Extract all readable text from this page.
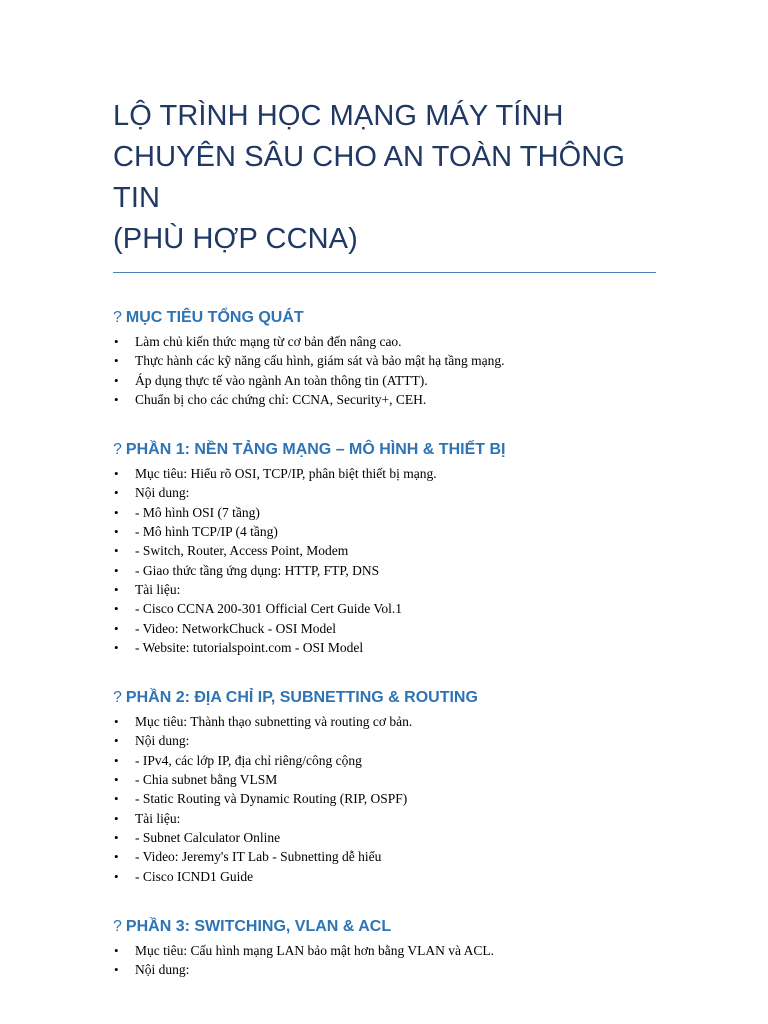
LỘ TRÌNH HỌC MẠNG MÁY TÍNH
CHUYÊN SÂU CHO AN TOÀN THÔNG TIN
(PHÙ HỢP CCNA)
? MỤC TIÊU TỔNG QUÁT
• Làm chủ kiến thức mạng từ cơ bản đến nâng cao.
• Thực hành các kỹ năng cấu hình, giám sát và bảo mật hạ tầng mạng.
• Áp dụng thực tế vào ngành An toàn thông tin (ATTT).
• Chuẩn bị cho các chứng chỉ: CCNA, Security+, CEH.
? PHẦN 1: NỀN TẢNG MẠNG – MÔ HÌNH & THIẾT BỊ
• Mục tiêu: Hiểu rõ OSI, TCP/IP, phân biệt thiết bị mạng.
• Nội dung:
• - Mô hình OSI (7 tầng)
• - Mô hình TCP/IP (4 tầng)
• - Switch, Router, Access Point, Modem
• - Giao thức tầng ứng dụng: HTTP, FTP, DNS
• Tài liệu:
• - Cisco CCNA 200-301 Official Cert Guide Vol.1
• - Video: NetworkChuck - OSI Model
• - Website: tutorialspoint.com - OSI Model
? PHẦN 2: ĐỊA CHỈ IP, SUBNETTING & ROUTING
• Mục tiêu: Thành thạo subnetting và routing cơ bản.
• Nội dung:
• - IPv4, các lớp IP, địa chỉ riêng/công cộng
• - Chia subnet bằng VLSM
• - Static Routing và Dynamic Routing (RIP, OSPF)
• Tài liệu:
• - Subnet Calculator Online
• - Video: Jeremy's IT Lab - Subnetting dễ hiểu
• - Cisco ICND1 Guide
? PHẦN 3: SWITCHING, VLAN & ACL
• Mục tiêu: Cấu hình mạng LAN bảo mật hơn bằng VLAN và ACL.
• Nội dung:
